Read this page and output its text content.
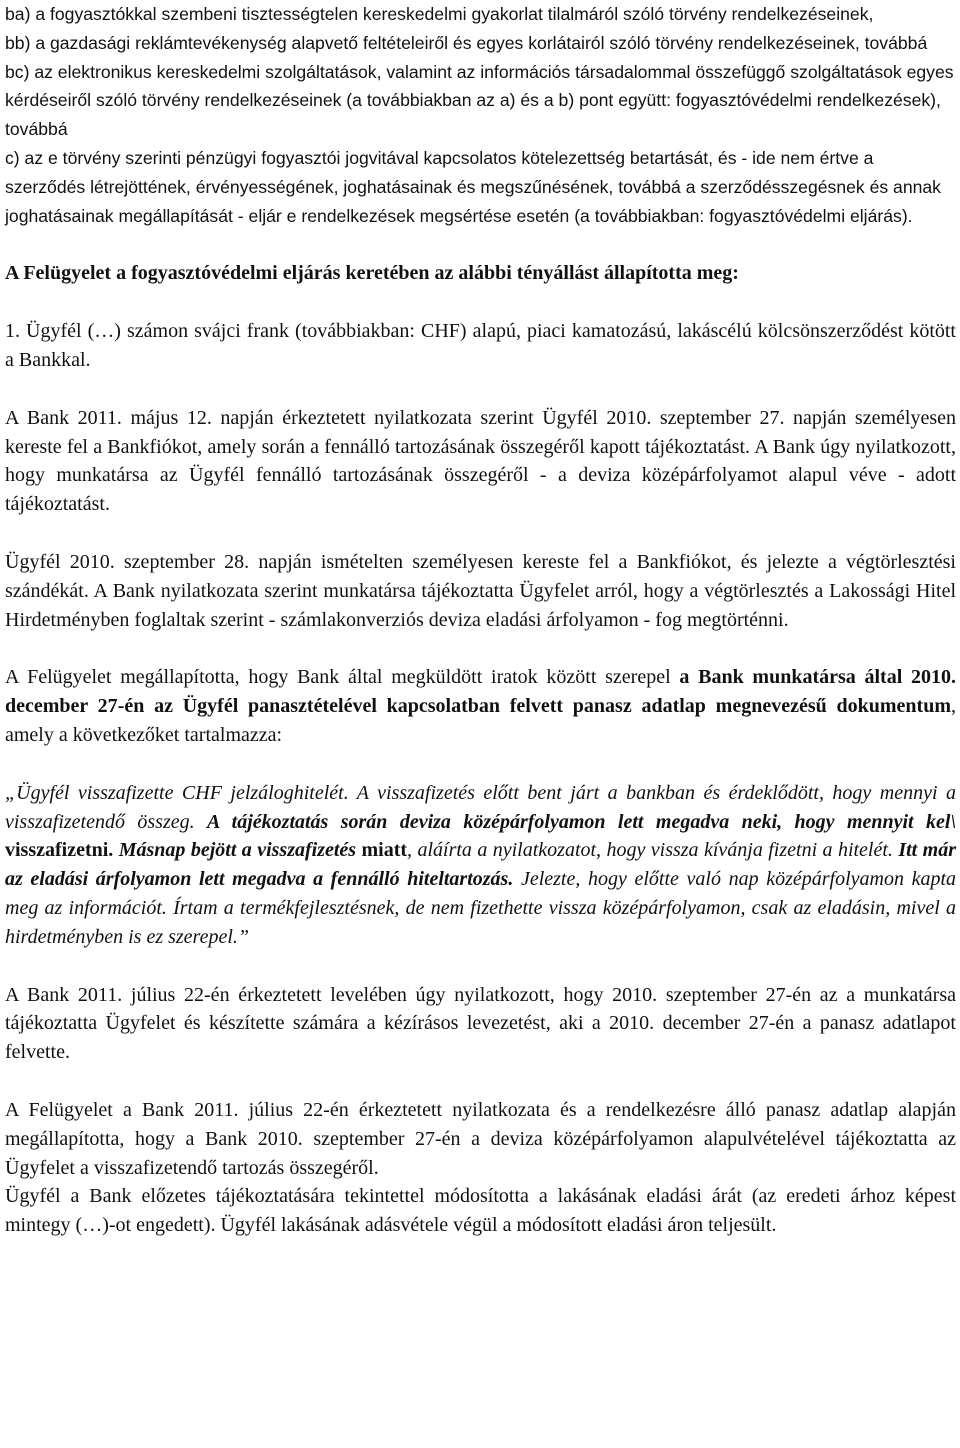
ba) a fogyasztókkal szembeni tisztességtelen kereskedelmi gyakorlat tilalmáról szóló törvény rendelkezéseinek,

bb) a gazdasági reklámtevékenység alapvető feltételeiről és egyes korlátairól szóló törvény rendelkezéseinek, továbbá

bc) az elektronikus kereskedelmi szolgáltatások, valamint az információs társadalommal összefüggő szolgáltatások egyes kérdéseiről szóló törvény rendelkezéseinek (a továbbiakban az a) és a b) pont együtt: fogyasztóvédelmi rendelkezések), továbbá

c) az e törvény szerinti pénzügyi fogyasztói jogvitával kapcsolatos kötelezettség betartását, és - ide nem értve a szerződés létrejöttének, érvényességének, joghatásainak és megszűnésének, továbbá a szerződésszegésnek és annak joghatásainak megállapítását - eljár e rendelkezések megsértése esetén (a továbbiakban: fogyasztóvédelmi eljárás).

A Felügyelet a fogyasztóvédelmi eljárás keretében az alábbi tényállást állapította meg:

1. Ügyfél (…) számon svájci frank (továbbiakban: CHF) alapú, piaci kamatozású, lakáscélú kölcsönszerződést kötött a Bankkal.

A Bank 2011. május 12. napján érkeztetett nyilatkozata szerint Ügyfél 2010. szeptember 27. napján személyesen kereste fel a Bankfiókot, amely során a fennálló tartozásának összegéről kapott tájékoztatást. A Bank úgy nyilatkozott, hogy munkatársa az Ügyfél fennálló tartozásának összegéről - a deviza középárfolyamot alapul véve - adott tájékoztatást.

Ügyfél 2010. szeptember 28. napján ismételten személyesen kereste fel a Bankfiókot, és jelezte a végtörlesztési szándékát. A Bank nyilatkozata szerint munkatársa tájékoztatta Ügyfelet arról, hogy a végtörlesztés a Lakossági Hitel Hirdetményben foglaltak szerint - számlakonverziós deviza eladási árfolyamon - fog megtörténni.

A Felügyelet megállapította, hogy Bank által megküldött iratok között szerepel a Bank munkatársa által 2010. december 27-én az Ügyfél panasztételével kapcsolatban felvett panasz adatlap megnevezésű dokumentum, amely a következőket tartalmazza:

„Ügyfél visszafizette CHF jelzáloghitelét. A visszafizetés előtt bent járt a bankban és érdeklődött, hogy mennyi a visszafizetendő összeg. A tájékoztatás során deviza középárfolyamon lett megadva neki, hogy mennyit kel\ visszafizetni. Másnap bejött a visszafizetés miatt, aláírta a nyilatkozatot, hogy vissza kívánja fizetni a hitelét. Itt már az eladási árfolyamon lett megadva a fennálló hiteltartozás. Jelezte, hogy előtte való nap középárfolyamon kapta meg az információt. Írtam a termékfejlesztésnek, de nem fizethette vissza középárfolyamon, csak az eladásin, mivel a hirdetményben is ez szerepel.”

A Bank 2011. július 22-én érkeztetett levelében úgy nyilatkozott, hogy 2010. szeptember 27-én az a munkatársa tájékoztatta Ügyfelet és készítette számára a kézírásos levezetést, aki a 2010. december 27-én a panasz adatlapot felvette.

A Felügyelet a Bank 2011. július 22-én érkeztetett nyilatkozata és a rendelkezésre álló panasz adatlap alapján megállapította, hogy a Bank 2010. szeptember 27-én a deviza középárfolyamon alapulvételével tájékoztatta az Ügyfelet a visszafizetendő tartozás összegéről.

Ügyfél a Bank előzetes tájékoztatására tekintettel módosította a lakásának eladási árát (az eredeti árhoz képest mintegy (…)-ot engedett). Ügyfél lakásának adásvétele végül a módosított eladási áron teljesült.
